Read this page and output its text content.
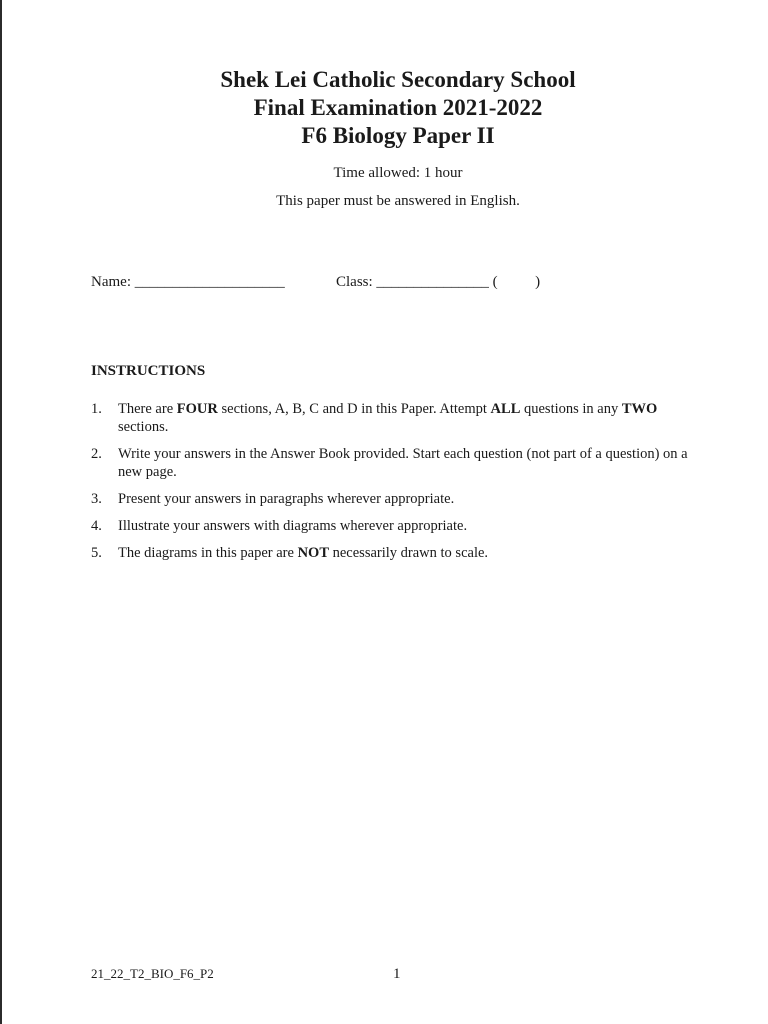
Shek Lei Catholic Secondary School
Final Examination 2021-2022
F6 Biology Paper II
Time allowed: 1 hour
This paper must be answered in English.
Name: ____________________	Class: _______________ (          )
INSTRUCTIONS
1.	There are FOUR sections, A, B, C and D in this Paper. Attempt ALL questions in any TWO sections.
2.	Write your answers in the Answer Book provided. Start each question (not part of a question) on a new page.
3.	Present your answers in paragraphs wherever appropriate.
4.	Illustrate your answers with diagrams wherever appropriate.
5.	The diagrams in this paper are NOT necessarily drawn to scale.
21_22_T2_BIO_F6_P2	1
